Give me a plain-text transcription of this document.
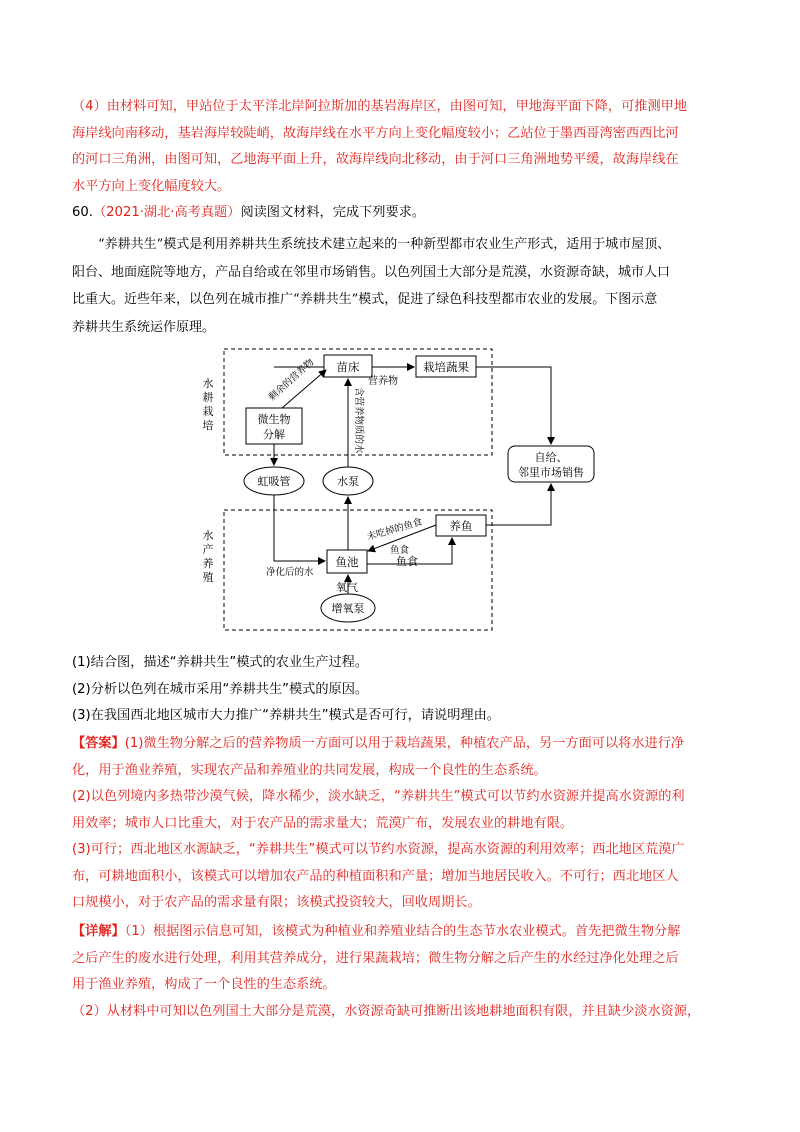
（4）由材料可知，甲站位于太平洋北岸阿拉斯加的基岩海岸区，由图可知，甲地海平面下降，可推测甲地
海岸线向南移动，基岩海岸较陡峭，故海岸线在水平方向上变化幅度较小；乙站位于墨西哥湾密西西比河
的河口三角洲，由图可知，乙地海平面上升，故海岸线向北移动，由于河口三角洲地势平缓，故海岸线在
水平方向上变化幅度较大。
60.（2021·湖北·高考真题）阅读图文材料，完成下列要求。
“养耕共生”模式是利用养耕共生系统技术建立起来的一种新型都市农业生产形式，适用于城市屋顶、
阳台、地面庭院等地方，产品自给或在邻里市场销售。以色列国土大部分是荒漠，水资源奇缺，城市人口
比重大。近些年来，以色列在城市推广“养耕共生”模式，促进了绿色科技型都市农业的发展。下图示意
养耕共生系统运作原理。
水
耕
栽
培
水
产
养
殖
苗床	栽培蔬果
微生物
分解
虹吸管	水泵
自给、
邻里市场销售
鱼池
养鱼
增氧泵
剩余的营养物	营养物
含营养物质的水
净化后的水
未吃掉的鱼食
鱼食
鱼食
氧气
(1)结合图，描述“养耕共生”模式的农业生产过程。
(2)分析以色列在城市采用“养耕共生”模式的原因。
(3)在我国西北地区城市大力推广“养耕共生”模式是否可行，请说明理由。
【答案】(1)微生物分解之后的营养物质一方面可以用于栽培蔬果，种植农产品，另一方面可以将水进行净
化，用于渔业养殖，实现农产品和养殖业的共同发展，构成一个良性的生态系统。
(2)以色列境内多热带沙漠气候，降水稀少，淡水缺乏，“养耕共生”模式可以节约水资源并提高水资源的利
用效率；城市人口比重大，对于农产品的需求量大；荒漠广布，发展农业的耕地有限。
(3)可行；西北地区水源缺乏，“养耕共生”模式可以节约水资源，提高水资源的利用效率；西北地区荒漠广
布，可耕地面积小，该模式可以增加农产品的种植面积和产量；增加当地居民收入。不可行；西北地区人
口规模小，对于农产品的需求量有限；该模式投资较大，回收周期长。
【详解】（1）根据图示信息可知，该模式为种植业和养殖业结合的生态节水农业模式。首先把微生物分解
之后产生的废水进行处理，利用其营养成分，进行果蔬栽培；微生物分解之后产生的水经过净化处理之后
用于渔业养殖，构成了一个良性的生态系统。
（2）从材料中可知以色列国土大部分是荒漠，水资源奇缺可推断出该地耕地面积有限，并且缺少淡水资源，
